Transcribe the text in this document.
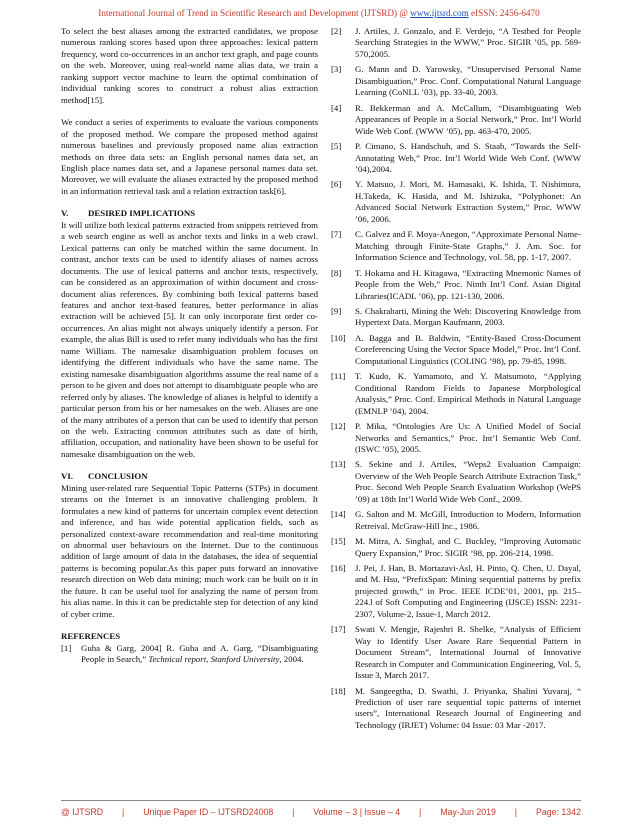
International Journal of Trend in Scientific Research and Development (IJTSRD) @ www.ijtsrd.com eISSN: 2456-6470

To select the best aliases among the extracted candidates, we propose numerous ranking scores based upon three approaches: lexical pattern frequency, word co-occurrences in an anchor text graph, and page counts on the web. Moreover, using real-world name alias data, we train a ranking support vector machine to learn the optimal combination of individual ranking scores to construct a robust alias extraction method[15].

We conduct a series of experiments to evaluate the various components of the proposed method. We compare the proposed method against numerous baselines and previously proposed name alias extraction methods on three data sets: an English personal names data set, an English place names data set, and a Japanese personal names data set. Moreover, we will evaluate the aliases extracted by the proposed method in an information retrieval task and a relation extraction task[6].

V. DESIRED IMPLICATIONS

It will utilize both lexical patterns extracted from snippets retrieved from a web search engine as well as anchor texts and links in a web crawl. Lexical patterns can only be matched within the same document. In contrast, anchor texts can be used to identify aliases of names across documents. The use of lexical patterns and anchor texts, respectively, can be considered as an approximation of within document and cross-document alias references. By combining both lexical patterns based features and anchor text-based features, better performance in alias extraction will be achieved [5]. It can only incorporate first order co-occurrences. An alias might not always uniquely identify a person. For example, the alias Bill is used to refer many individuals who has the first name William. The namesake disambiguation problem focuses on identifying the different individuals who have the same name. The existing namesake disambiguation algorithms assume the real name of a person to be given and does not attempt to disambiguate people who are referred only by aliases. The knowledge of aliases is helpful to identify a particular person from his or her namesakes on the web. Aliases are one of the many attributes of a person that can be used to identify that person on the web. Extracting common attributes such as date of birth, affiliation, occupation, and nationality have been shown to be useful for namesake disambiguation on the web.

VI. CONCLUSION

Mining user-related rare Sequential Topic Patterns (STPs) in document streams on the Internet is an innovative challenging problem. It formulates a new kind of patterns for uncertain complex event detection and inference, and has wide potential application fields, such as personalized context-aware recommendation and real-time monitoring on abnormal user behaviours on the Internet. Due to the continuous addition of large amount of data in the databases, the idea of sequential patterns is becoming popular.As this paper puts forward an innovative research direction on Web data mining; much work can be built on it in the future. It can be useful tool for analyzing the name of person from his alias name. In this it can be predictable step for detection of any kind of cyber crime.

REFERENCES
[1]	Guha & Garg, 2004] R. Guha and A. Garg, “Disambiguating People in Search,” Technical report, Stanford University, 2004.
[2]	J. Artiles, J. Gonzalo, and F. Verdejo, “A Testbed for People Searching Strategies in the WWW,” Proc. SIGIR ’05, pp. 569-570,2005.
[3]	G. Mann and D. Yarowsky, “Unsupervised Personal Name Disambiguation,” Proc. Conf. Computational Natural Language Learning (CoNLL ’03), pp. 33-40, 2003.
[4]	R. Bekkerman and A. McCallum, “Disambiguating Web Appearances of People in a Social Network,” Proc. Int’l World Wide Web Conf. (WWW ’05), pp. 463-470, 2005.
[5]	P. Cimano, S. Handschuh, and S. Staab, “Towards the Self-Annotating Web,” Proc. Int’l World Wide Web Conf. (WWW ’04),2004.
[6]	Y. Matsuo, J. Mori, M. Hamasaki, K. Ishida, T. Nishimura, H.Takeda, K. Hasida, and M. Ishizuka, “Polyphonet: An Advanced Social Network Extraction System,” Proc. WWW ’06, 2006.
[7]	C. Galvez and F. Moya-Anegon, “Approximate Personal Name-Matching through Finite-State Graphs,” J. Am. Soc. for Information Science and Technology, vol. 58, pp. 1-17, 2007.
[8]	T. Hokama and H. Kitagawa, “Extracting Mnemonic Names of People from the Web,” Proc. Ninth Int’l Conf. Asian Digital Libraries(ICADL ’06), pp. 121-130, 2006.
[9]	S. Chakrabarti, Mining the Web: Discovering Knowledge from Hypertext Data. Morgan Kaufmann, 2003.
[10]	A. Bagga and B. Baldwin, “Entity-Based Cross-Document Coreferencing Using the Vector Space Model,” Proc. Int’l Conf. Computational Linguistics (COLING ’98), pp. 79-85, 1998.
[11]	T. Kudo, K. Yamamoto, and Y. Matsumoto, “Applying Conditional Random Fields to Japanese Morphological Analysis,” Proc. Conf. Empirical Methods in Natural Language (EMNLP ’04), 2004.
[12]	P. Mika, “Ontologies Are Us: A Unified Model of Social Networks and Semantics,” Proc. Int’l Semantic Web Conf. (ISWC ’05), 2005.
[13]	S. Sekine and J. Artiles, “Weps2 Evaluation Campaign: Overview of the Web People Search Attribute Extraction Task,” Proc. Second Web People Search Evaluation Workshop (WePS ’09) at 18th Int’l World Wide Web Conf., 2009.
[14]	G. Salton and M. McGill, Introduction to Modern, Information Retreival. McGraw-Hill Inc., 1986.
[15]	M. Mitra, A. Singhal, and C. Buckley, “Improving Automatic Query Expansion,” Proc. SIGIR ’98, pp. 206-214, 1998.
[16]	J. Pei, J. Han, B. Mortazavi-Asl, H. Pinto, Q. Chen, U. Dayal, and M. Hsu, “PrefixSpan: Mining sequential patterns by prefix projected growth,” in Proc. IEEE ICDE’01, 2001, pp. 215–224.l of Soft Computing and Engineering (IJSCE) ISSN: 2231-2307, Volume-2, Issue-1, March 2012.
[17]	Swati V. Mengje, Rajeshri R. Shelke, “Analysis of Efficient Way to Identify User Aware Rare Sequential Pattern in Document Stream”, International Journal of Innovative Research in Computer and Communication Engineering, Vol. 5, Issue 3, March 2017.
[18]	M. Sangeegtha, D. Swathi, J. Priyanka, Shalini Yuvaraj, “ Prediction of user rare sequential topic patterns of internet users”, International Research Journal of Engineering and Technology (IRJET) Volume: 04 Issue: 03 Mar -2017.
@ IJTSRD | Unique Paper ID – IJTSRD24008 | Volume – 3 | Issue – 4 | May-Jun 2019 | Page: 1342
